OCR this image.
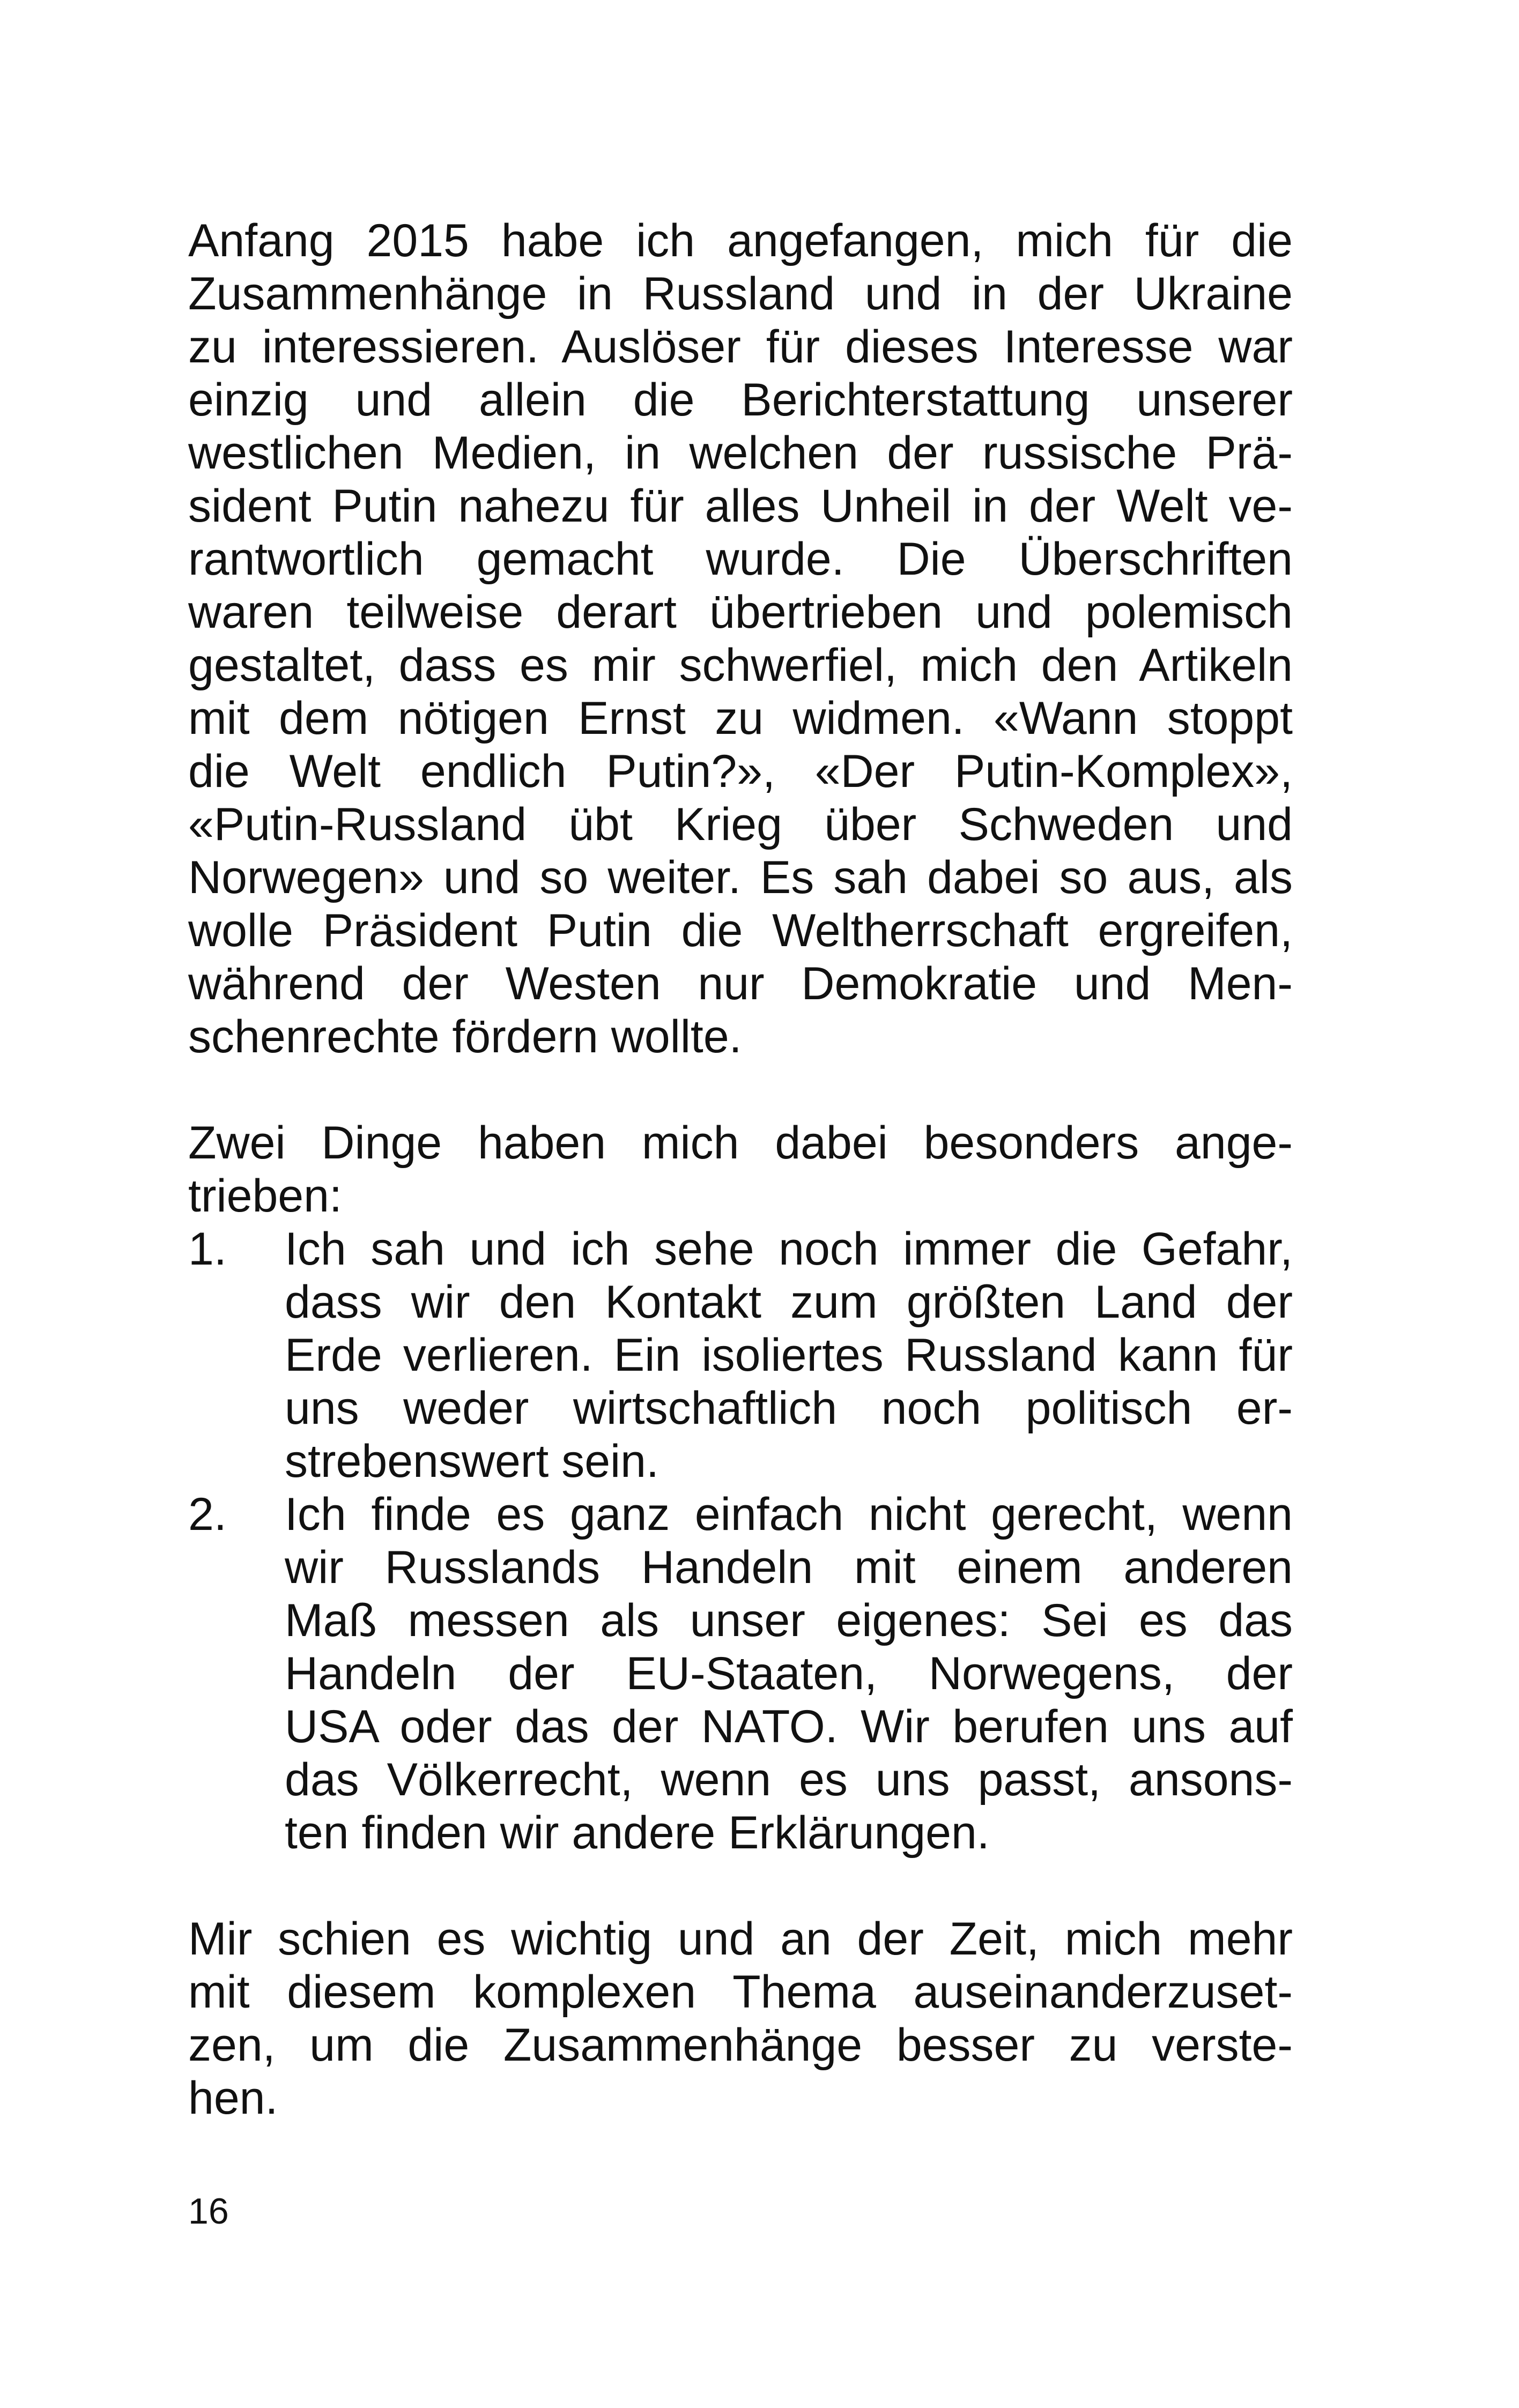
Anfang 2015 habe ich angefangen, mich für die
Zusammenhänge in Russland und in der Ukraine
zu interessieren. Auslöser für dieses Interesse war
einzig und allein die Berichterstattung unserer
westlichen Medien, in welchen der russische Prä-
sident Putin nahezu für alles Unheil in der Welt ve-
rantwortlich gemacht wurde. Die Überschriften
waren teilweise derart übertrieben und polemisch
gestaltet, dass es mir schwerfiel, mich den Artikeln
mit dem nötigen Ernst zu widmen. «Wann stoppt
die Welt endlich Putin?», «Der Putin-Komplex»,
«Putin-Russland übt Krieg über Schweden und
Norwegen» und so weiter. Es sah dabei so aus, als
wolle Präsident Putin die Weltherrschaft ergreifen,
während der Westen nur Demokratie und Men-
schenrechte fördern wollte.
Zwei Dinge haben mich dabei besonders ange-
trieben:
1.	Ich sah und ich sehe noch immer die Gefahr,
dass wir den Kontakt zum größten Land der
Erde verlieren. Ein isoliertes Russland kann für
uns weder wirtschaftlich noch politisch er-
strebenswert sein.
2.	Ich finde es ganz einfach nicht gerecht, wenn
wir Russlands Handeln mit einem anderen
Maß messen als unser eigenes: Sei es das
Handeln der EU-Staaten, Norwegens, der
USA oder das der NATO. Wir berufen uns auf
das Völkerrecht, wenn es uns passt, ansons-
ten finden wir andere Erklärungen.
Mir schien es wichtig und an der Zeit, mich mehr
mit diesem komplexen Thema auseinanderzuset-
zen, um die Zusammenhänge besser zu verste-
hen.
16
